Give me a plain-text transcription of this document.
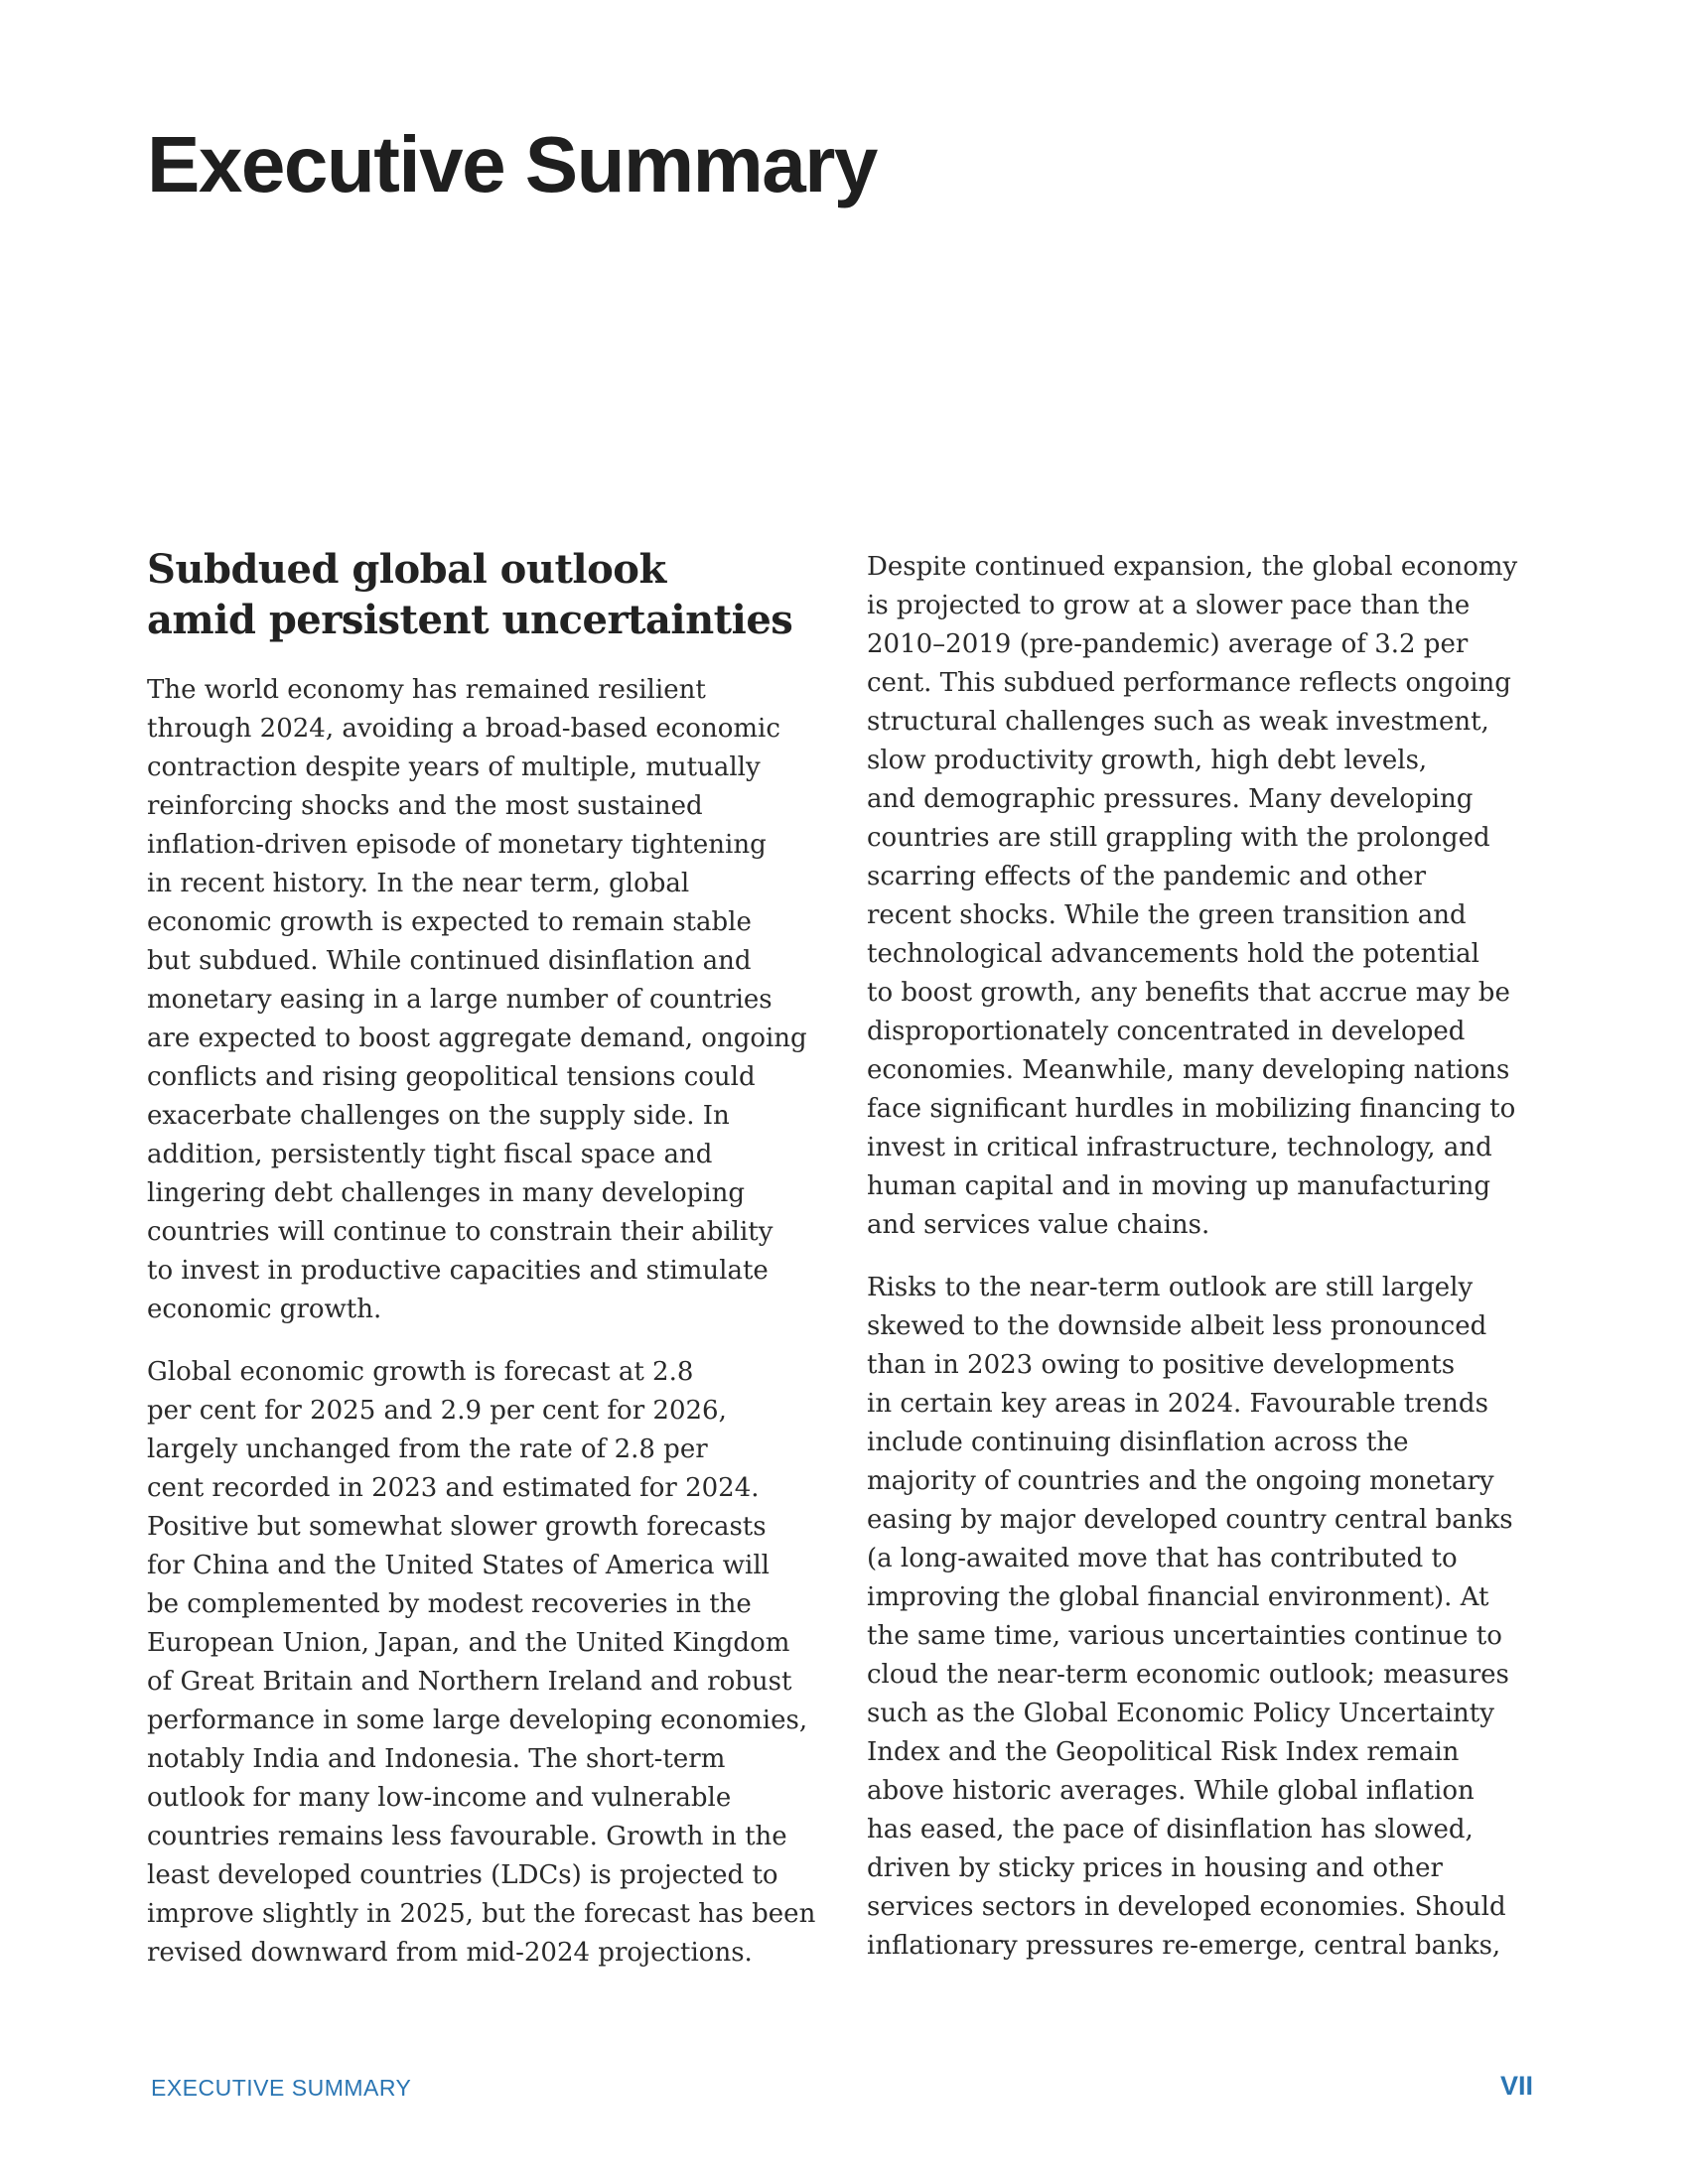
Executive Summary
Subdued global outlook
amid persistent uncertainties

The world economy has remained resilient
through 2024, avoiding a broad-based economic
contraction despite years of multiple, mutually
reinforcing shocks and the most sustained
inflation-driven episode of monetary tightening
in recent history. In the near term, global
economic growth is expected to remain stable
but subdued. While continued disinflation and
monetary easing in a large number of countries
are expected to boost aggregate demand, ongoing
conflicts and rising geopolitical tensions could
exacerbate challenges on the supply side. In
addition, persistently tight fiscal space and
lingering debt challenges in many developing
countries will continue to constrain their ability
to invest in productive capacities and stimulate
economic growth.

Global economic growth is forecast at 2.8
per cent for 2025 and 2.9 per cent for 2026,
largely unchanged from the rate of 2.8 per
cent recorded in 2023 and estimated for 2024.
Positive but somewhat slower growth forecasts
for China and the United States of America will
be complemented by modest recoveries in the
European Union, Japan, and the United Kingdom
of Great Britain and Northern Ireland and robust
performance in some large developing economies,
notably India and Indonesia. The short-term
outlook for many low-income and vulnerable
countries remains less favourable. Growth in the
least developed countries (LDCs) is projected to
improve slightly in 2025, but the forecast has been
revised downward from mid-2024 projections.

Despite continued expansion, the global economy
is projected to grow at a slower pace than the
2010–2019 (pre-pandemic) average of 3.2 per
cent. This subdued performance reflects ongoing
structural challenges such as weak investment,
slow productivity growth, high debt levels,
and demographic pressures. Many developing
countries are still grappling with the prolonged
scarring effects of the pandemic and other
recent shocks. While the green transition and
technological advancements hold the potential
to boost growth, any benefits that accrue may be
disproportionately concentrated in developed
economies. Meanwhile, many developing nations
face significant hurdles in mobilizing financing to
invest in critical infrastructure, technology, and
human capital and in moving up manufacturing
and services value chains.

Risks to the near-term outlook are still largely
skewed to the downside albeit less pronounced
than in 2023 owing to positive developments
in certain key areas in 2024. Favourable trends
include continuing disinflation across the
majority of countries and the ongoing monetary
easing by major developed country central banks
(a long-awaited move that has contributed to
improving the global financial environment). At
the same time, various uncertainties continue to
cloud the near-term economic outlook; measures
such as the Global Economic Policy Uncertainty
Index and the Geopolitical Risk Index remain
above historic averages. While global inflation
has eased, the pace of disinflation has slowed,
driven by sticky prices in housing and other
services sectors in developed economies. Should
inflationary pressures re-emerge, central banks,

EXECUTIVE SUMMARY	VII
